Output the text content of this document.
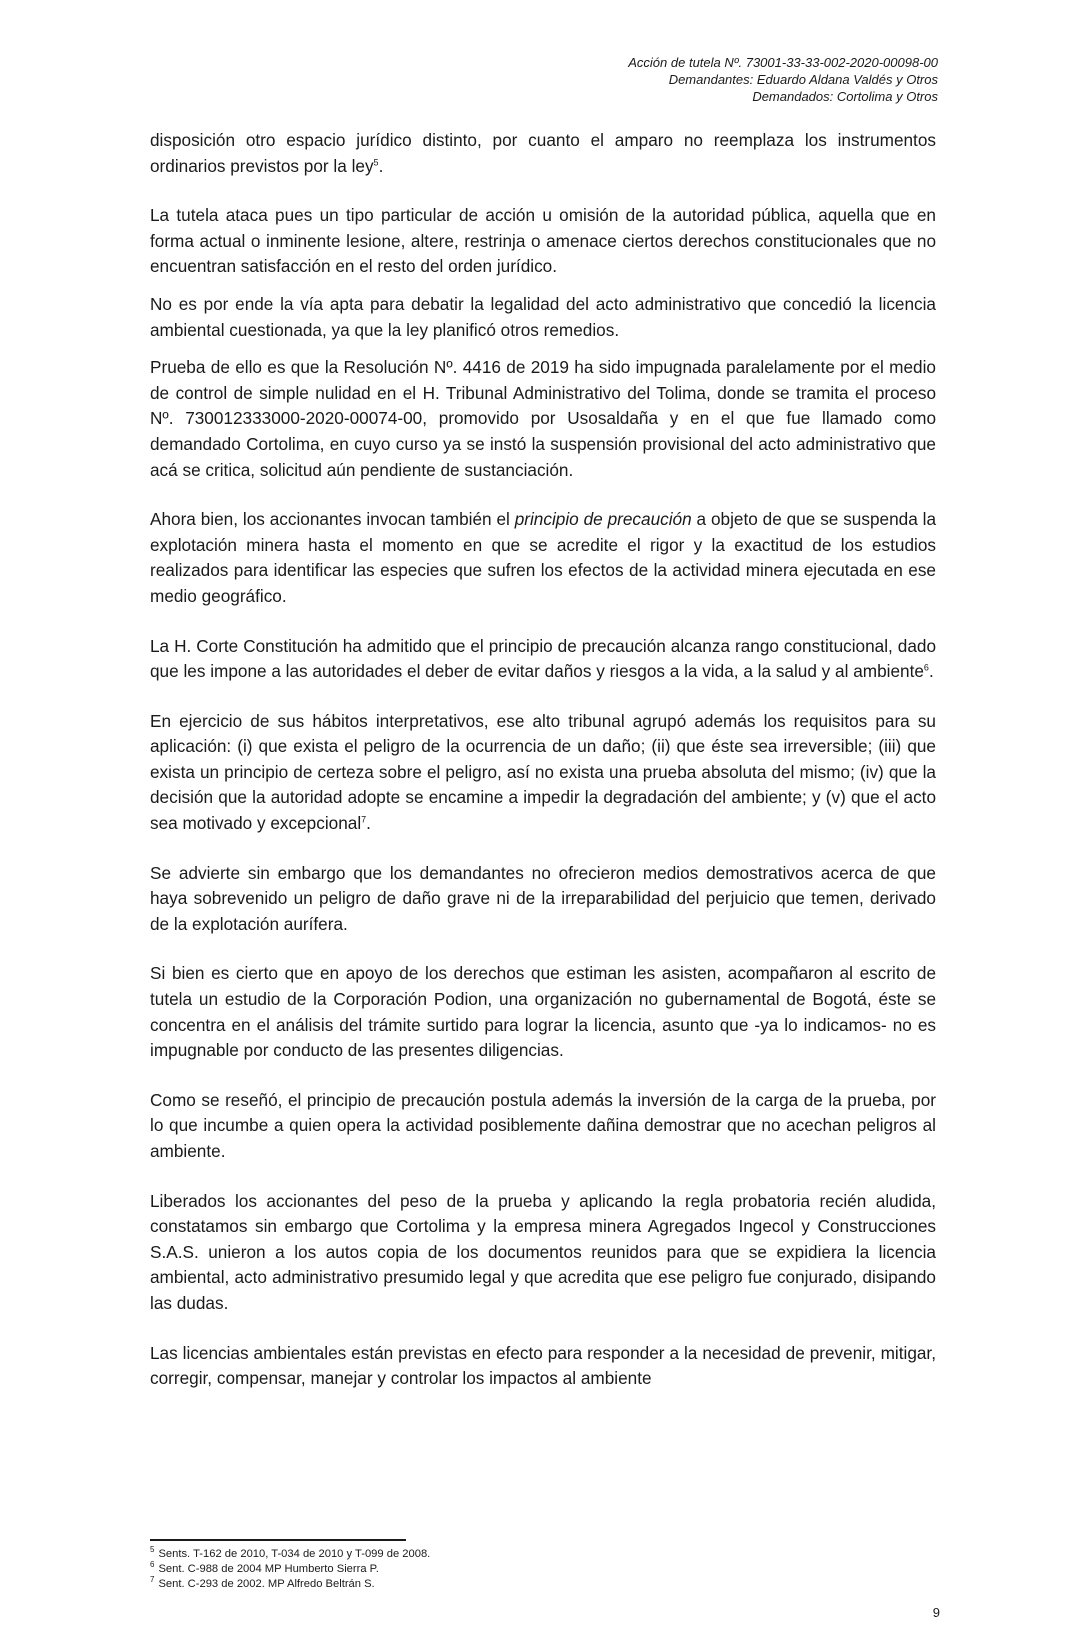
Acción de tutela Nº. 73001-33-33-002-2020-00098-00
Demandantes: Eduardo Aldana Valdés y Otros
Demandados: Cortolima y Otros

disposición otro espacio jurídico distinto, por cuanto el amparo no reemplaza los instrumentos ordinarios previstos por la ley$^5$.

La tutela ataca pues un tipo particular de acción u omisión de la autoridad pública, aquella que en forma actual o inminente lesione, altere, restrinja o amenace ciertos derechos constitucionales que no encuentran satisfacción en el resto del orden jurídico.

No es por ende la vía apta para debatir la legalidad del acto administrativo que concedió la licencia ambiental cuestionada, ya que la ley planificó otros remedios.

Prueba de ello es que la Resolución Nº. 4416 de 2019 ha sido impugnada paralelamente por el medio de control de simple nulidad en el H. Tribunal Administrativo del Tolima, donde se tramita el proceso Nº. 730012333000-2020-00074-00, promovido por Usosaldaña y en el que fue llamado como demandado Cortolima, en cuyo curso ya se instó la suspensión provisional del acto administrativo que acá se critica, solicitud aún pendiente de sustanciación.

Ahora bien, los accionantes invocan también el principio de precaución a objeto de que se suspenda la explotación minera hasta el momento en que se acredite el rigor y la exactitud de los estudios realizados para identificar las especies que sufren los efectos de la actividad minera ejecutada en ese medio geográfico.

La H. Corte Constitución ha admitido que el principio de precaución alcanza rango constitucional, dado que les impone a las autoridades el deber de evitar daños y riesgos a la vida, a la salud y al ambiente$^6$.

En ejercicio de sus hábitos interpretativos, ese alto tribunal agrupó además los requisitos para su aplicación: (i) que exista el peligro de la ocurrencia de un daño; (ii) que éste sea irreversible; (iii) que exista un principio de certeza sobre el peligro, así no exista una prueba absoluta del mismo; (iv) que la decisión que la autoridad adopte se encamine a impedir la degradación del ambiente; y (v) que el acto sea motivado y excepcional$^7$.

Se advierte sin embargo que los demandantes no ofrecieron medios demostrativos acerca de que haya sobrevenido un peligro de daño grave ni de la irreparabilidad del perjuicio que temen, derivado de la explotación aurífera.

Si bien es cierto que en apoyo de los derechos que estiman les asisten, acompañaron al escrito de tutela un estudio de la Corporación Podion, una organización no gubernamental de Bogotá, éste se concentra en el análisis del trámite surtido para lograr la licencia, asunto que -ya lo indicamos- no es impugnable por conducto de las presentes diligencias.

Como se reseñó, el principio de precaución postula además la inversión de la carga de la prueba, por lo que incumbe a quien opera la actividad posiblemente dañina demostrar que no acechan peligros al ambiente.

Liberados los accionantes del peso de la prueba y aplicando la regla probatoria recién aludida, constatamos sin embargo que Cortolima y la empresa minera Agregados Ingecol y Construcciones S.A.S. unieron a los autos copia de los documentos reunidos para que se expidiera la licencia ambiental, acto administrativo presumido legal y que acredita que ese peligro fue conjurado, disipando las dudas.

Las licencias ambientales están previstas en efecto para responder a la necesidad de prevenir, mitigar, corregir, compensar, manejar y controlar los impactos al ambiente

$^5$ Sents. T-162 de 2010, T-034 de 2010 y T-099 de 2008.
$^6$ Sent. C-988 de 2004 MP Humberto Sierra P.
$^7$ Sent. C-293 de 2002. MP Alfredo Beltrán S.
9
